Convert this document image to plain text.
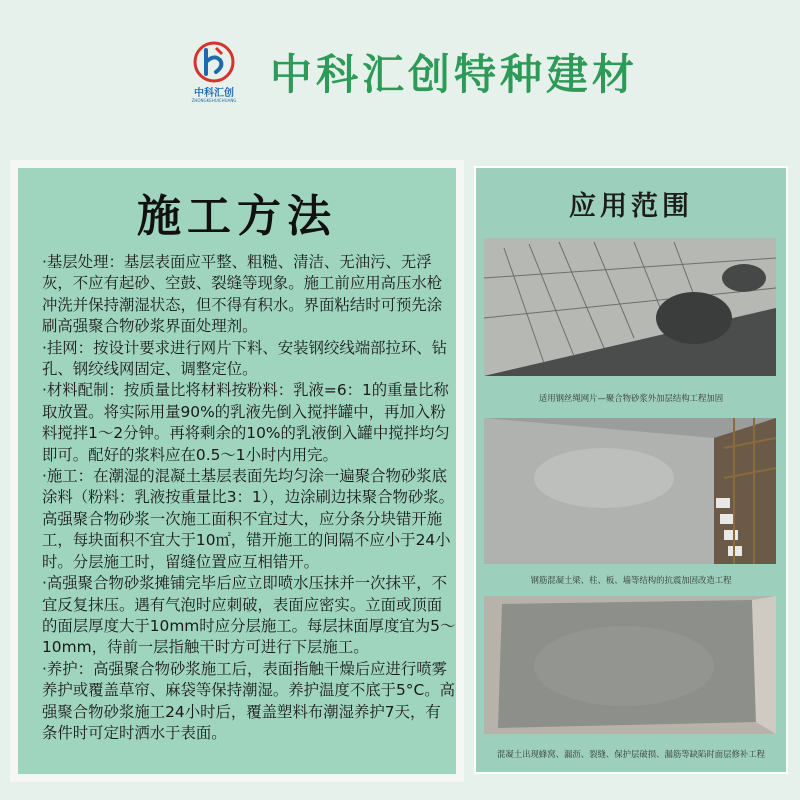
中科汇创
ZHONGKEHUICHUANG
中科汇创特种建材
施工方法

·基层处理：基层表面应平整、粗糙、清洁、无油污、无浮灰，不应有起砂、空鼓、裂缝等现象。施工前应用高压水枪冲洗并保持潮湿状态，但不得有积水。界面粘结时可预先涂刷高强聚合物砂浆界面处理剂。

·挂网：按设计要求进行网片下料、安装钢绞线端部拉环、钻孔、钢绞线网固定、调整定位。

·材料配制：按质量比将材料按粉料：乳液=6：1的重量比称取放置。将实际用量90%的乳液先倒入搅拌罐中，再加入粉料搅拌1～2分钟。再将剩余的10%的乳液倒入罐中搅拌均匀即可。配好的浆料应在0.5～1小时内用完。

·施工：在潮湿的混凝土基层表面先均匀涂一遍聚合物砂浆底涂料（粉料：乳液按重量比3：1），边涂刷边抹聚合物砂浆。高强聚合物砂浆一次施工面积不宜过大，应分条分块错开施工，每块面积不宜大于10㎡，错开施工的间隔不应小于24小时。分层施工时，留缝位置应互相错开。

·高强聚合物砂浆摊铺完毕后应立即喷水压抹并一次抹平，不宜反复抹压。遇有气泡时应刺破，表面应密实。立面或顶面的面层厚度大于10mm时应分层施工。每层抹面厚度宜为5～10mm，待前一层指触干时方可进行下层施工。

·养护：高强聚合物砂浆施工后，表面指触干燥后应进行喷雾养护或覆盖草帘、麻袋等保持潮湿。养护温度不底于5°C。高强聚合物砂浆施工24小时后，覆盖塑料布潮湿养护7天，有条件时可定时洒水于表面。

应用范围
适用钢丝绳网片—聚合物砂浆外加层结构工程加固
钢筋混凝土梁、柱、板、墙等结构的抗震加固改造工程
混凝土出现蜂窝、漏沥、裂缝、保护层破损、漏筋等缺陷时面层修补工程
